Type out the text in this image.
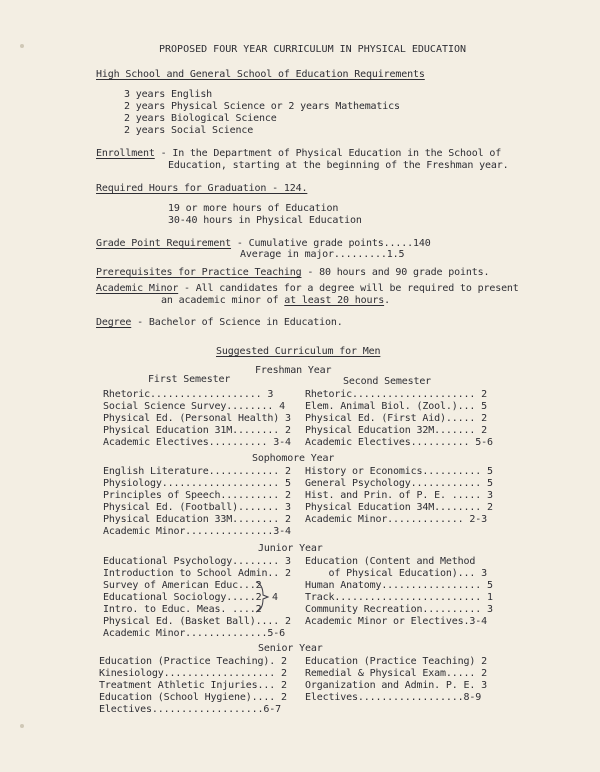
PROPOSED FOUR YEAR CURRICULUM IN PHYSICAL EDUCATION
High School and General School of Education Requirements
3 years English
2 years Physical Science or 2 years Mathematics
2 years Biological Science
2 years Social Science
Enrollment - In the Department of Physical Education in the School of
Education, starting at the beginning of the Freshman year.
Required Hours for Graduation - 124.
19 or more hours of Education
30-40 hours in Physical Education
Grade Point Requirement - Cumulative grade points.....140
Average in major.........1.5
Prerequisites for Practice Teaching - 80 hours and 90 grade points.
Academic Minor - All candidates for a degree will be required to present
an academic minor of at least 20 hours.
Degree - Bachelor of Science in Education.
Suggested Curriculum for Men
Freshman Year
First Semester	Second Semester
Rhetoric................... 3
Social Science Survey........ 4
Physical Ed. (Personal Health) 3
Physical Education 31M........ 2
Academic Electives.......... 3-4
Rhetoric..................... 2
Elem. Animal Biol. (Zool.)... 5
Physical Ed. (First Aid)..... 2
Physical Education 32M....... 2
Academic Electives.......... 5-6
Sophomore Year
English Literature............ 2
Physiology.................... 5
Principles of Speech.......... 2
Physical Ed. (Football)....... 3
Physical Education 33M........ 2
Academic Minor...............3-4
History or Economics.......... 5
General Psychology............ 5
Hist. and Prin. of P. E. ..... 3
Physical Education 34M........ 2
Academic Minor............. 2-3
Junior Year
Educational Psychology........ 3
Introduction to School Admin.. 2
Survey of American Educ...2
Educational Sociology.....2
Intro. to Educ. Meas. ....2
Physical Ed. (Basket Ball).... 2
Academic Minor..............5-6
4
Education (Content and Method
of Physical Education)... 3
Human Anatomy................. 5
Track......................... 1
Community Recreation.......... 3
Academic Minor or Electives.3-4
Senior Year
Education (Practice Teaching). 2
Kinesiology................... 2
Treatment Athletic Injuries... 2
Education (School Hygiene).... 2
Electives...................6-7
Education (Practice Teaching) 2
Remedial & Physical Exam..... 2
Organization and Admin. P. E. 3
Electives..................8-9
